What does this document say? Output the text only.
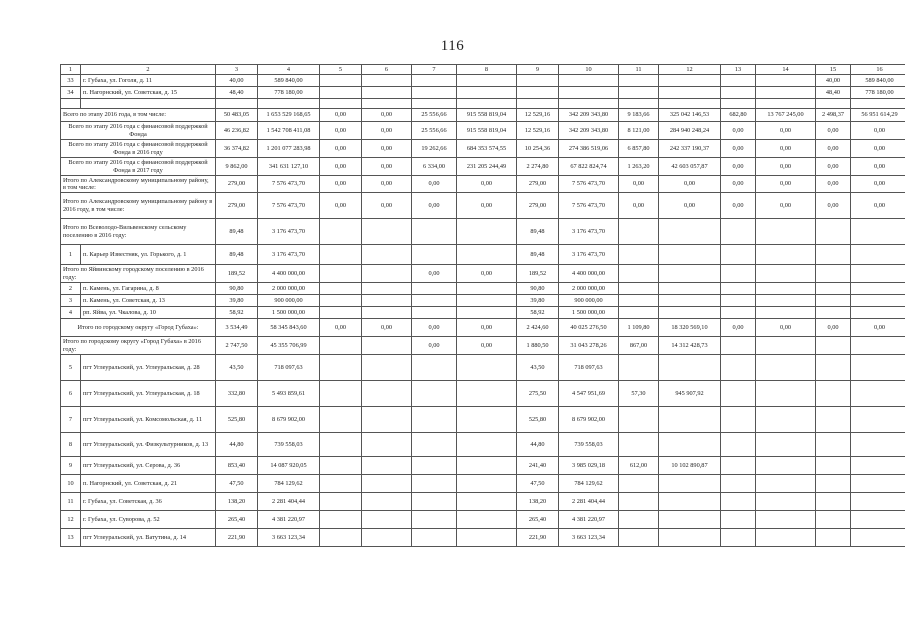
116
1	2	3	4	5	6	7	8	9	10	11	12	13	14	15	16
33	г. Губаха, ул. Гоголя, д. 11	40,00	589 840,00											40,00	589 840,00
34	п. Нагорнский, ул. Советская, д. 15	48,40	778 180,00											48,40	778 180,00

Всего по этапу 2016 года, в том числе:		50 483,05	1 653 529 168,65	0,00	0,00	25 556,66	915 558 819,04	12 529,16	342 209 343,80	9 183,66	325 042 146,53	682,80	13 767 245,00	2 498,37	56 951 614,29
Всего по этапу 2016 года с финансовой поддержкой Фонда		46 236,82	1 542 708 411,08	0,00	0,00	25 556,66	915 558 819,04	12 529,16	342 209 343,80	8 121,00	284 940 248,24	0,00	0,00	0,00	0,00
Всего по этапу 2016 года с финансовой поддержкой Фонда в 2016 году		36 374,82	1 201 077 283,98	0,00	0,00	19 262,66	684 353 574,55	10 254,36	274 386 519,06	6 857,80	242 337 190,37	0,00	0,00	0,00	0,00
Всего по этапу 2016 года с финансовой поддержкой Фонда в 2017 году		9 862,00	341 631 127,10	0,00	0,00	6 334,00	231 205 244,49	2 274,80	67 822 824,74	1 263,20	42 603 057,87	0,00	0,00	0,00	0,00
Итого по Александровскому муниципальному району, в том числе:		279,00	7 576 473,70	0,00	0,00	0,00	0,00	279,00	7 576 473,70	0,00	0,00	0,00	0,00	0,00	0,00
Итого по Александровскому муниципальному району в 2016 году, в том числе:		279,00	7 576 473,70	0,00	0,00	0,00	0,00	279,00	7 576 473,70	0,00	0,00	0,00	0,00	0,00	0,00
Итого по Всеволодо-Вильвенскому сельскому поселению в 2016 году:		89,48	3 176 473,70					89,48	3 176 473,70						
1	п. Карьер Известняк, ул. Горького, д. 1	89,48	3 176 473,70					89,48	3 176 473,70						
Итого по Яйвинскому городскому поселению в 2016 году:		189,52	4 400 000,00			0,00	0,00	189,52	4 400 000,00						
2	п. Камень, ул. Гагарина, д. 8	90,80	2 000 000,00					90,80	2 000 000,00						
3	п. Камень, ул. Советская, д. 13	39,80	900 000,00					39,80	900 000,00						
4	рп. Яйва, ул. Чкалова, д. 10	58,92	1 500 000,00					58,92	1 500 000,00						
Итого по городскому округу «Город Губаха»:		3 534,49	58 345 843,60	0,00	0,00	0,00	0,00	2 424,60	40 025 276,50	1 109,80	18 320 569,10	0,00	0,00	0,00	0,00
Итого по городскому округу «Город Губаха» в 2016 году:		2 747,50	45 355 706,99			0,00	0,00	1 880,50	31 043 278,26	867,00	14 312 428,73				
5	пгт Углеуральский, ул. Углеуральская, д. 28	43,50	718 097,63					43,50	718 097,63						
6	пгт Углеуральский, ул. Углеуральская, д. 18	332,80	5 493 859,61					275,50	4 547 951,69	57,30	945 907,92				
7	пгт Углеуральский, ул. Комсомольская, д. 11	525,80	8 679 902,00					525,80	8 679 902,00						
8	пгт Углеуральский, ул. Физкультурников, д. 13	44,80	739 558,03					44,80	739 558,03						
9	пгт Углеуральский, ул. Серова, д. 36	853,40	14 087 920,05					241,40	3 985 029,18	612,00	10 102 890,87				
10	п. Нагорнский, ул. Советская, д. 21	47,50	784 129,62					47,50	784 129,62						
11	г. Губаха, ул. Советская, д. 36	138,20	2 281 404,44					138,20	2 281 404,44						
12	г. Губаха, ул. Суворова, д. 52	265,40	4 381 220,97					265,40	4 381 220,97						
13	пгт Углеуральский, ул. Ватутина, д. 14	221,90	3 663 123,34					221,90	3 663 123,34						
